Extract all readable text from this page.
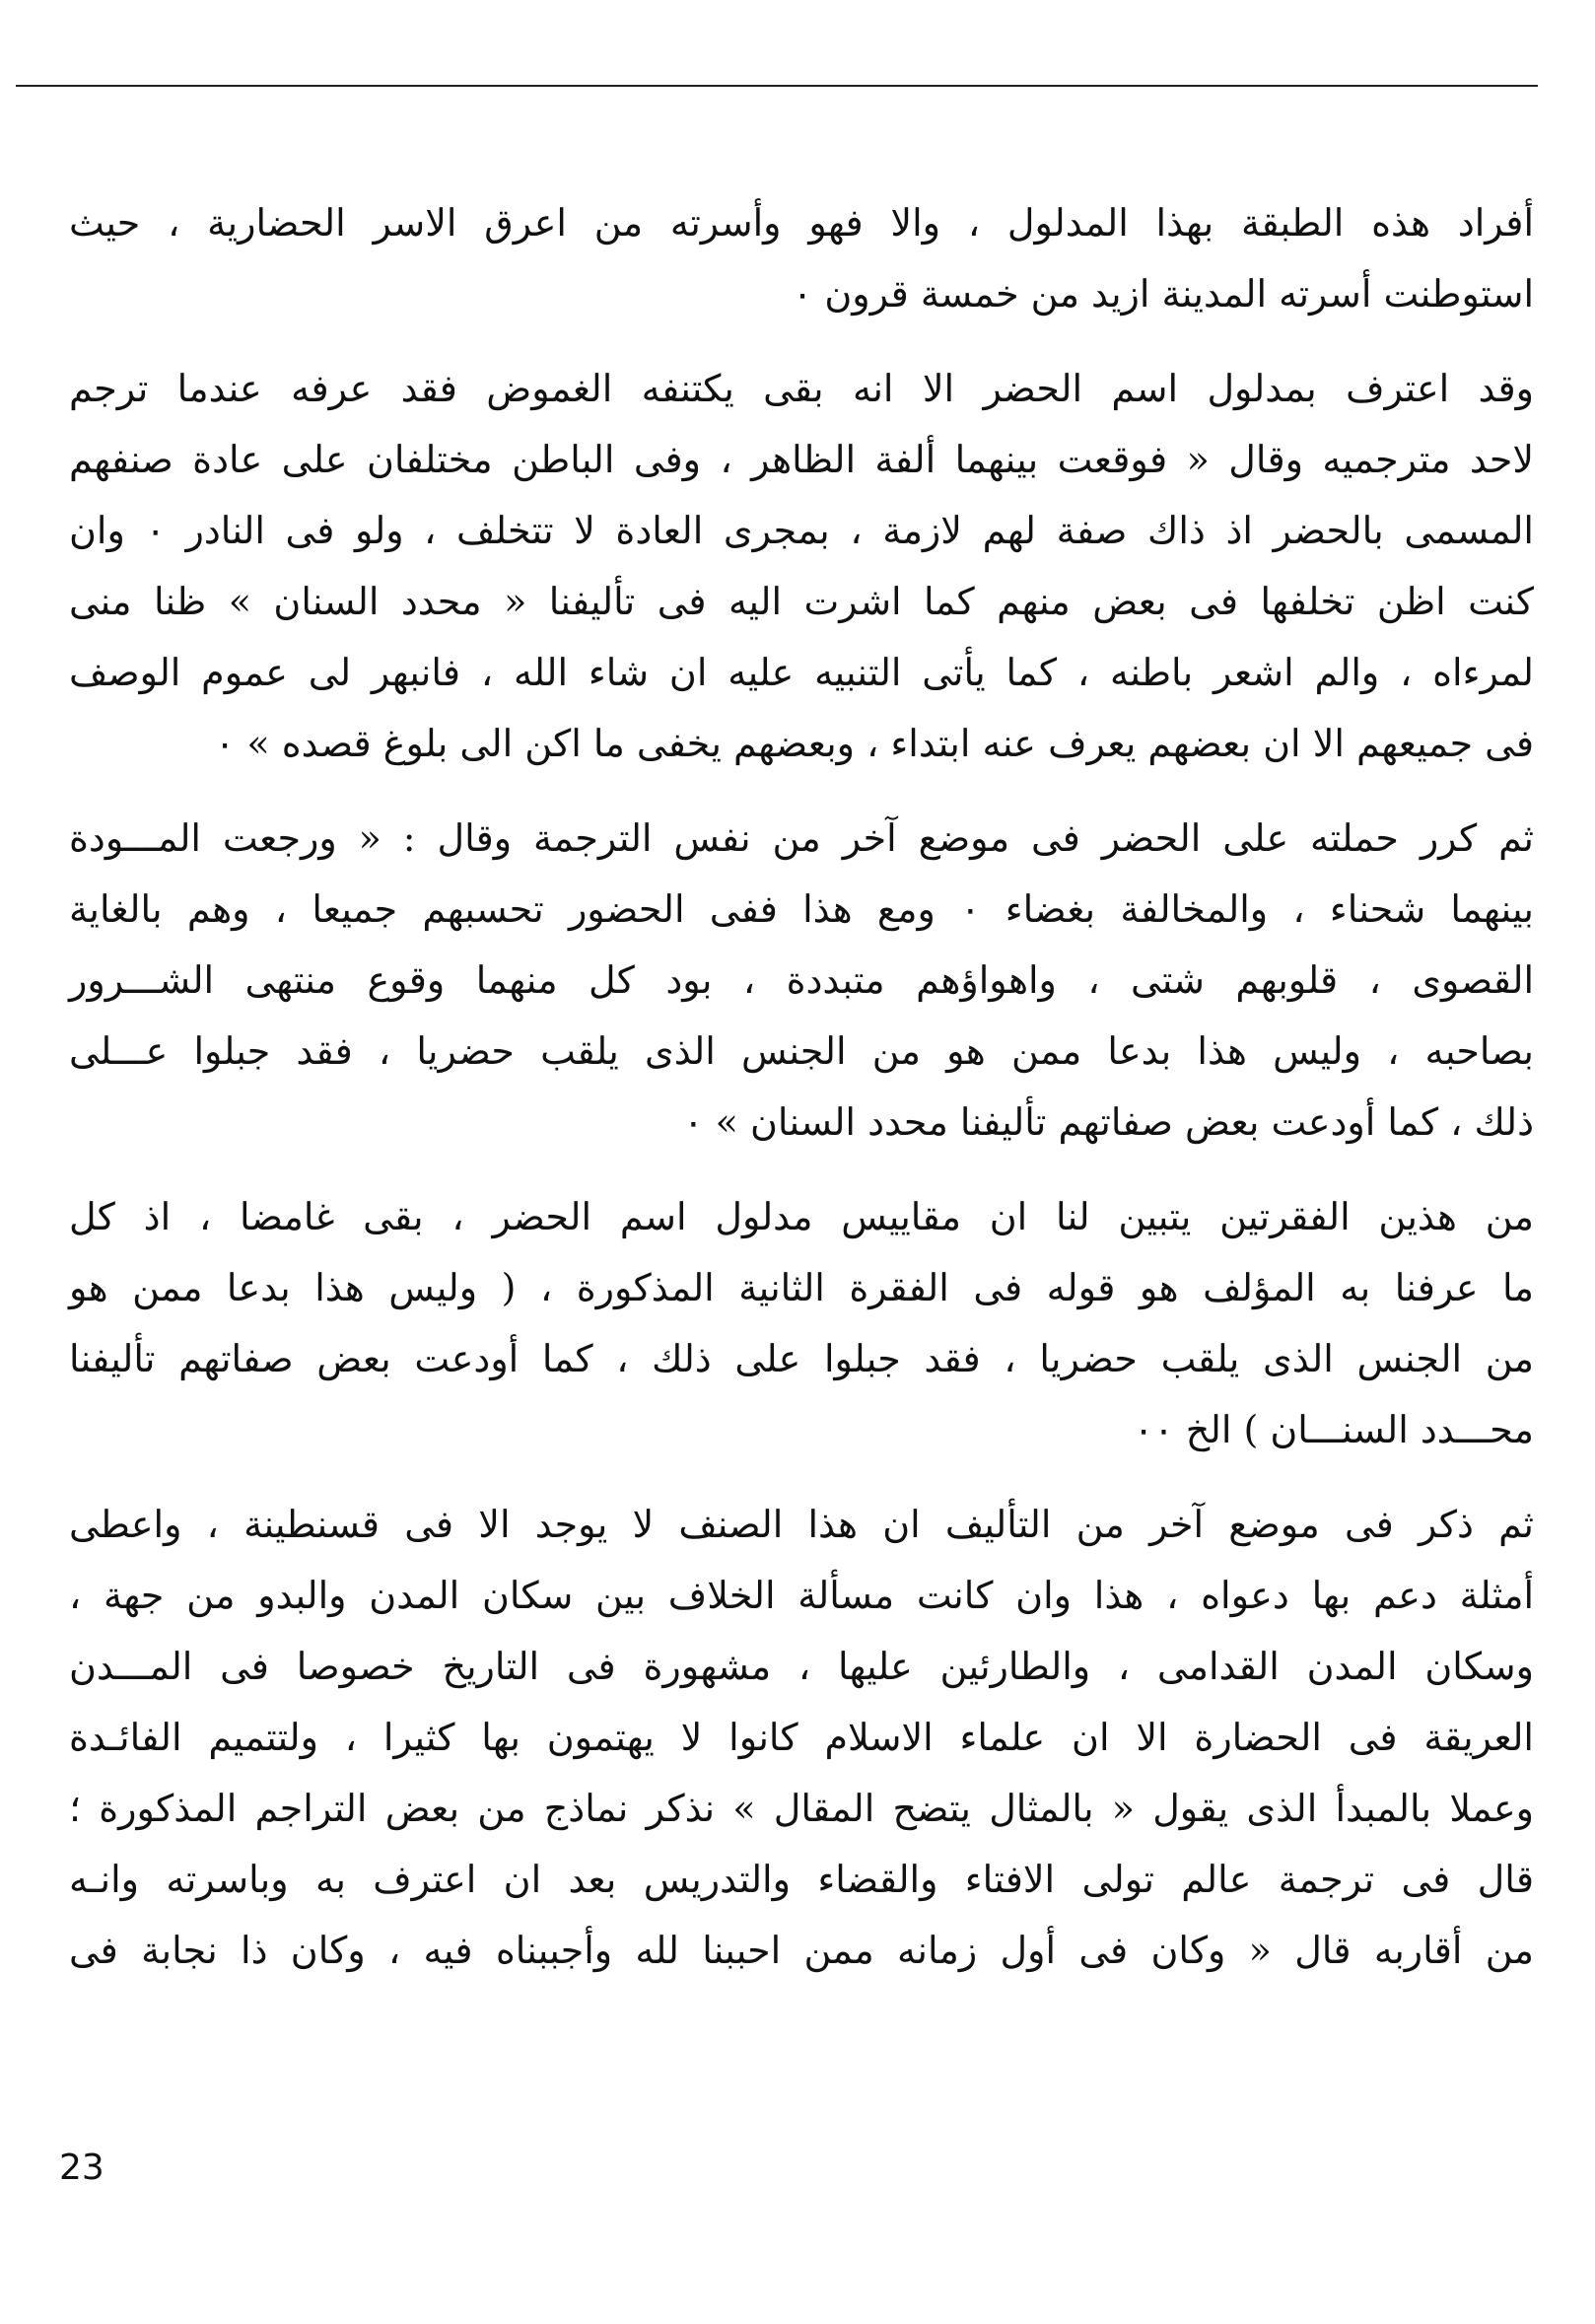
أفراد هذه الطبقة بهذا المدلول ، والا فهو وأسرته من اعرق الاسر الحضارية ، حيث
استوطنت أسرته المدينة ازيد من خمسة قرون ٠
وقد اعترف بمدلول اسم الحضر الا انه بقى يكتنفه الغموض فقد عرفه عندما ترجم
لاحد مترجميه وقال « فوقعت بينهما ألفة الظاهر ، وفى الباطن مختلفان على عادة صنفهم
المسمى بالحضر اذ ذاك صفة لهم لازمة ، بمجرى العادة لا تتخلف ، ولو فى النادر ٠ وان
كنت اظن تخلفها فى بعض منهم كما اشرت اليه فى تأليفنا « محدد السنان » ظنا منى
لمرءاه ، والم اشعر باطنه ، كما يأتى التنبيه عليه ان شاء الله ، فانبهر لى عموم الوصف
فى جميعهم الا ان بعضهم يعرف عنه ابتداء ، وبعضهم يخفى ما اكن الى بلوغ قصده » ٠
ثم كرر حملته على الحضر فى موضع آخر من نفس الترجمة وقال : « ورجعت المـــودة
بينهما شحناء ، والمخالفة بغضاء ٠ ومع هذا ففى الحضور تحسبهم جميعا ، وهم بالغاية
القصوى ، قلوبهم شتى ، واهواؤهم متبددة ، بود كل منهما وقوع منتهى الشـــرور
بصاحبه ، وليس هذا بدعا ممن هو من الجنس الذى يلقب حضريا ، فقد جبلوا عـــلى
ذلك ، كما أودعت بعض صفاتهم تأليفنا محدد السنان » ٠
من هذين الفقرتين يتبين لنا ان مقاييس مدلول اسم الحضر ، بقى غامضا ، اذ كل
ما عرفنا به المؤلف هو قوله فى الفقرة الثانية المذكورة ، ( وليس هذا بدعا ممن هو
من الجنس الذى يلقب حضريا ، فقد جبلوا على ذلك ، كما أودعت بعض صفاتهم تأليفنا
محـــدد السنـــان ) الخ ٠٠
ثم ذكر فى موضع آخر من التأليف ان هذا الصنف لا يوجد الا فى قسنطينة ، واعطى
أمثلة دعم بها دعواه ، هذا وان كانت مسألة الخلاف بين سكان المدن والبدو من جهة ،
وسكان المدن القدامى ، والطارئين عليها ، مشهورة فى التاريخ خصوصا فى المـــدن
العريقة فى الحضارة الا ان علماء الاسلام كانوا لا يهتمون بها كثيرا ، ولتتميم الفائـدة
وعملا بالمبدأ الذى يقول « بالمثال يتضح المقال » نذكر نماذج من بعض التراجم المذكورة ؛
قال فى ترجمة عالم تولى الافتاء والقضاء والتدريس بعد ان اعترف به وباسرته وانـه
من أقاربه قال « وكان فى أول زمانه ممن احببنا لله وأجببناه فيه ، وكان ذا نجابة فى
23
